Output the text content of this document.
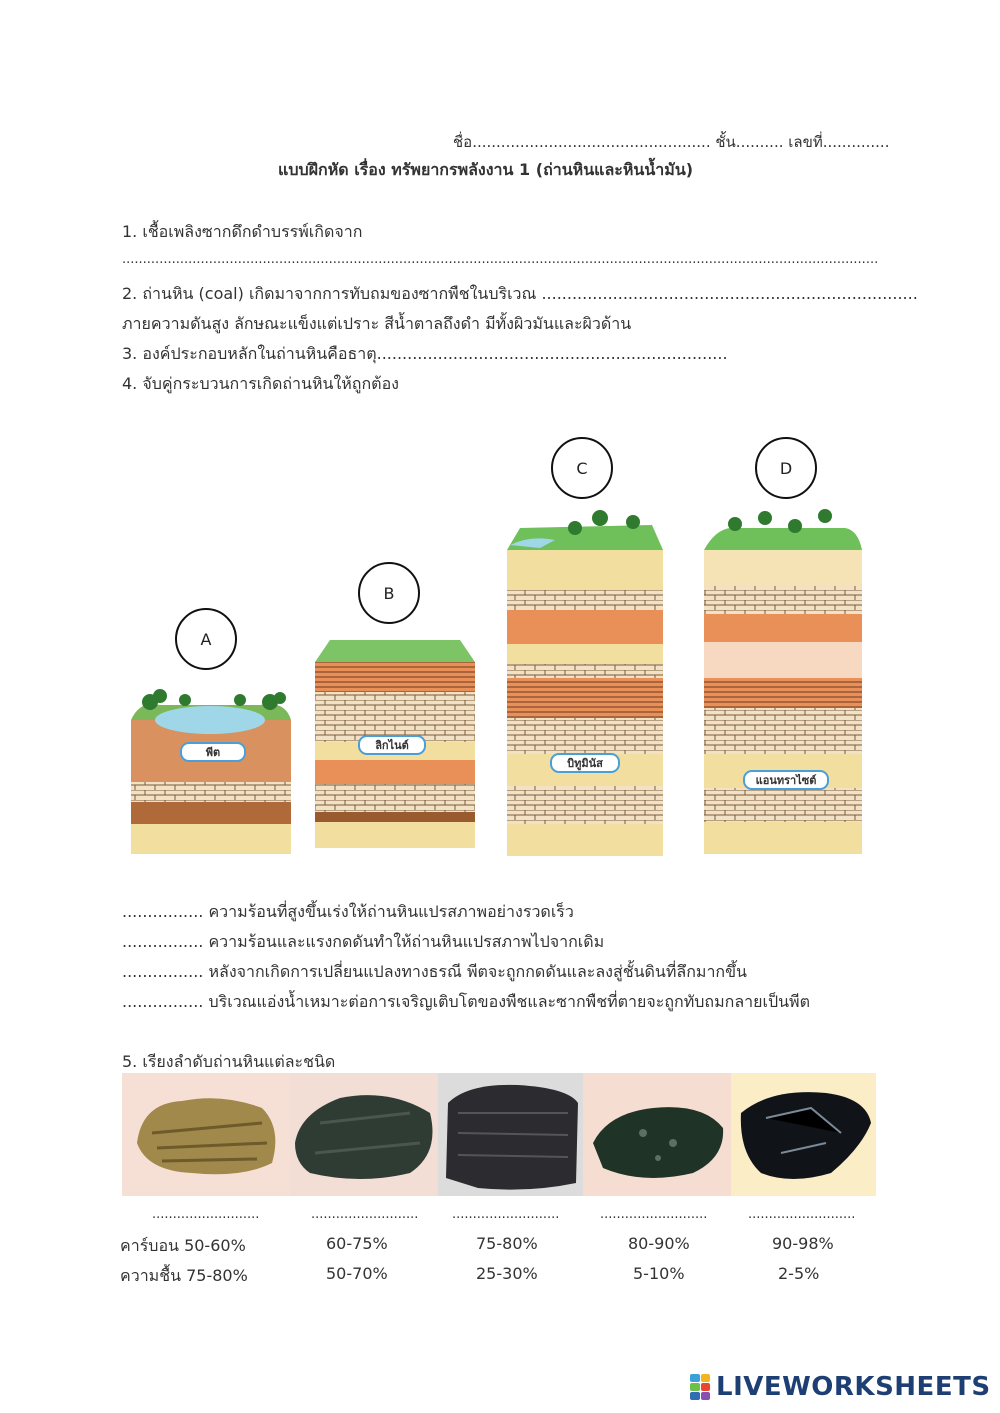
ชื่อ.................................................. ชั้น.......... เลขที่..............
แบบฝึกหัด เรื่อง ทรัพยากรพลังงาน 1 (ถ่านหินและหินน้ำมัน)
1. เชื้อเพลิงซากดึกดำบรรพ์เกิดจาก
.......................................................................................................................................................................................
2. ถ่านหิน (coal) เกิดมาจากการทับถมของซากพืชในบริเวณ ..........................................................................
ภายความดันสูง ลักษณะแข็งแต่เปราะ สีน้ำตาลถึงดำ มีทั้งผิวมันและผิวด้าน
3. องค์ประกอบหลักในถ่านหินคือธาตุ.....................................................................
4. จับคู่กระบวนการเกิดถ่านหินให้ถูกต้อง
A
B
C	D
พีต
ลิกไนต์
บิทูมินัส
แอนทราไซต์
................ ความร้อนที่สูงขึ้นเร่งให้ถ่านหินแปรสภาพอย่างรวดเร็ว
................ ความร้อนและแรงกดดันทำให้ถ่านหินแปรสภาพไปจากเดิม
................ หลังจากเกิดการเปลี่ยนแปลงทางธรณี พีตจะถูกกดดันและลงสู่ชั้นดินที่ลึกมากขึ้น
................ บริเวณแอ่งน้ำเหมาะต่อการเจริญเติบโตของพืชและซากพืชที่ตายจะถูกทับถมกลายเป็นพีต
5. เรียงลำดับถ่านหินแต่ละชนิด
..........................	..........................	..........................	..........................	..........................
คาร์บอน 50-60%	60-75%	75-80%	80-90%	90-98%
ความชื้น 75-80%	50-70%	25-30%	5-10%	2-5%
LIVEWORKSHEETS
